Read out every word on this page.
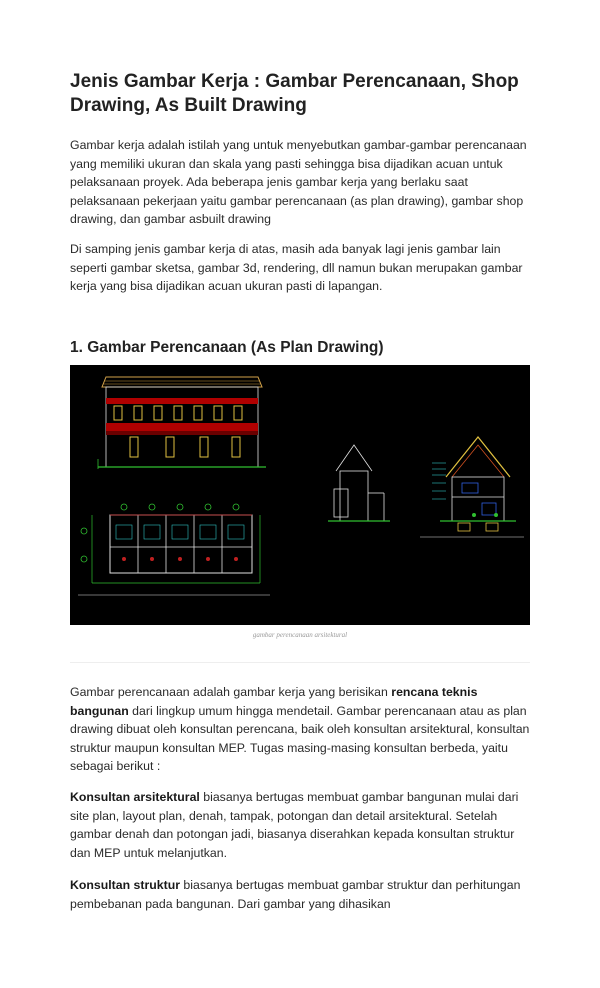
Jenis Gambar Kerja : Gambar Perencanaan, Shop Drawing, As Built Drawing

Gambar kerja adalah istilah yang untuk menyebutkan gambar-gambar perencanaan yang memiliki ukuran dan skala yang pasti sehingga bisa dijadikan acuan untuk pelaksanaan proyek. Ada beberapa jenis gambar kerja yang berlaku saat pelaksanaan pekerjaan yaitu gambar perencanaan (as plan drawing), gambar shop drawing, dan gambar asbuilt drawing

Di samping jenis gambar kerja di atas, masih ada banyak lagi jenis gambar lain seperti gambar sketsa, gambar 3d, rendering, dll namun bukan merupakan gambar kerja yang bisa dijadikan acuan ukuran pasti di lapangan.

1. Gambar Perencanaan (As Plan Drawing)
gambar perencanaan arsitektural

Gambar perencanaan adalah gambar kerja yang berisikan rencana teknis bangunan dari lingkup umum hingga mendetail. Gambar perencanaan atau as plan drawing dibuat oleh konsultan perencana, baik oleh konsultan arsitektural, konsultan struktur maupun konsultan MEP. Tugas masing-masing konsultan berbeda, yaitu sebagai berikut :

Konsultan arsitektural biasanya bertugas membuat gambar bangunan mulai dari site plan, layout plan, denah, tampak, potongan dan detail arsitektural. Setelah gambar denah dan potongan jadi, biasanya diserahkan kepada konsultan struktur dan MEP untuk melanjutkan.

Konsultan struktur biasanya bertugas membuat gambar struktur dan perhitungan pembebanan pada bangunan. Dari gambar yang dihasikan
